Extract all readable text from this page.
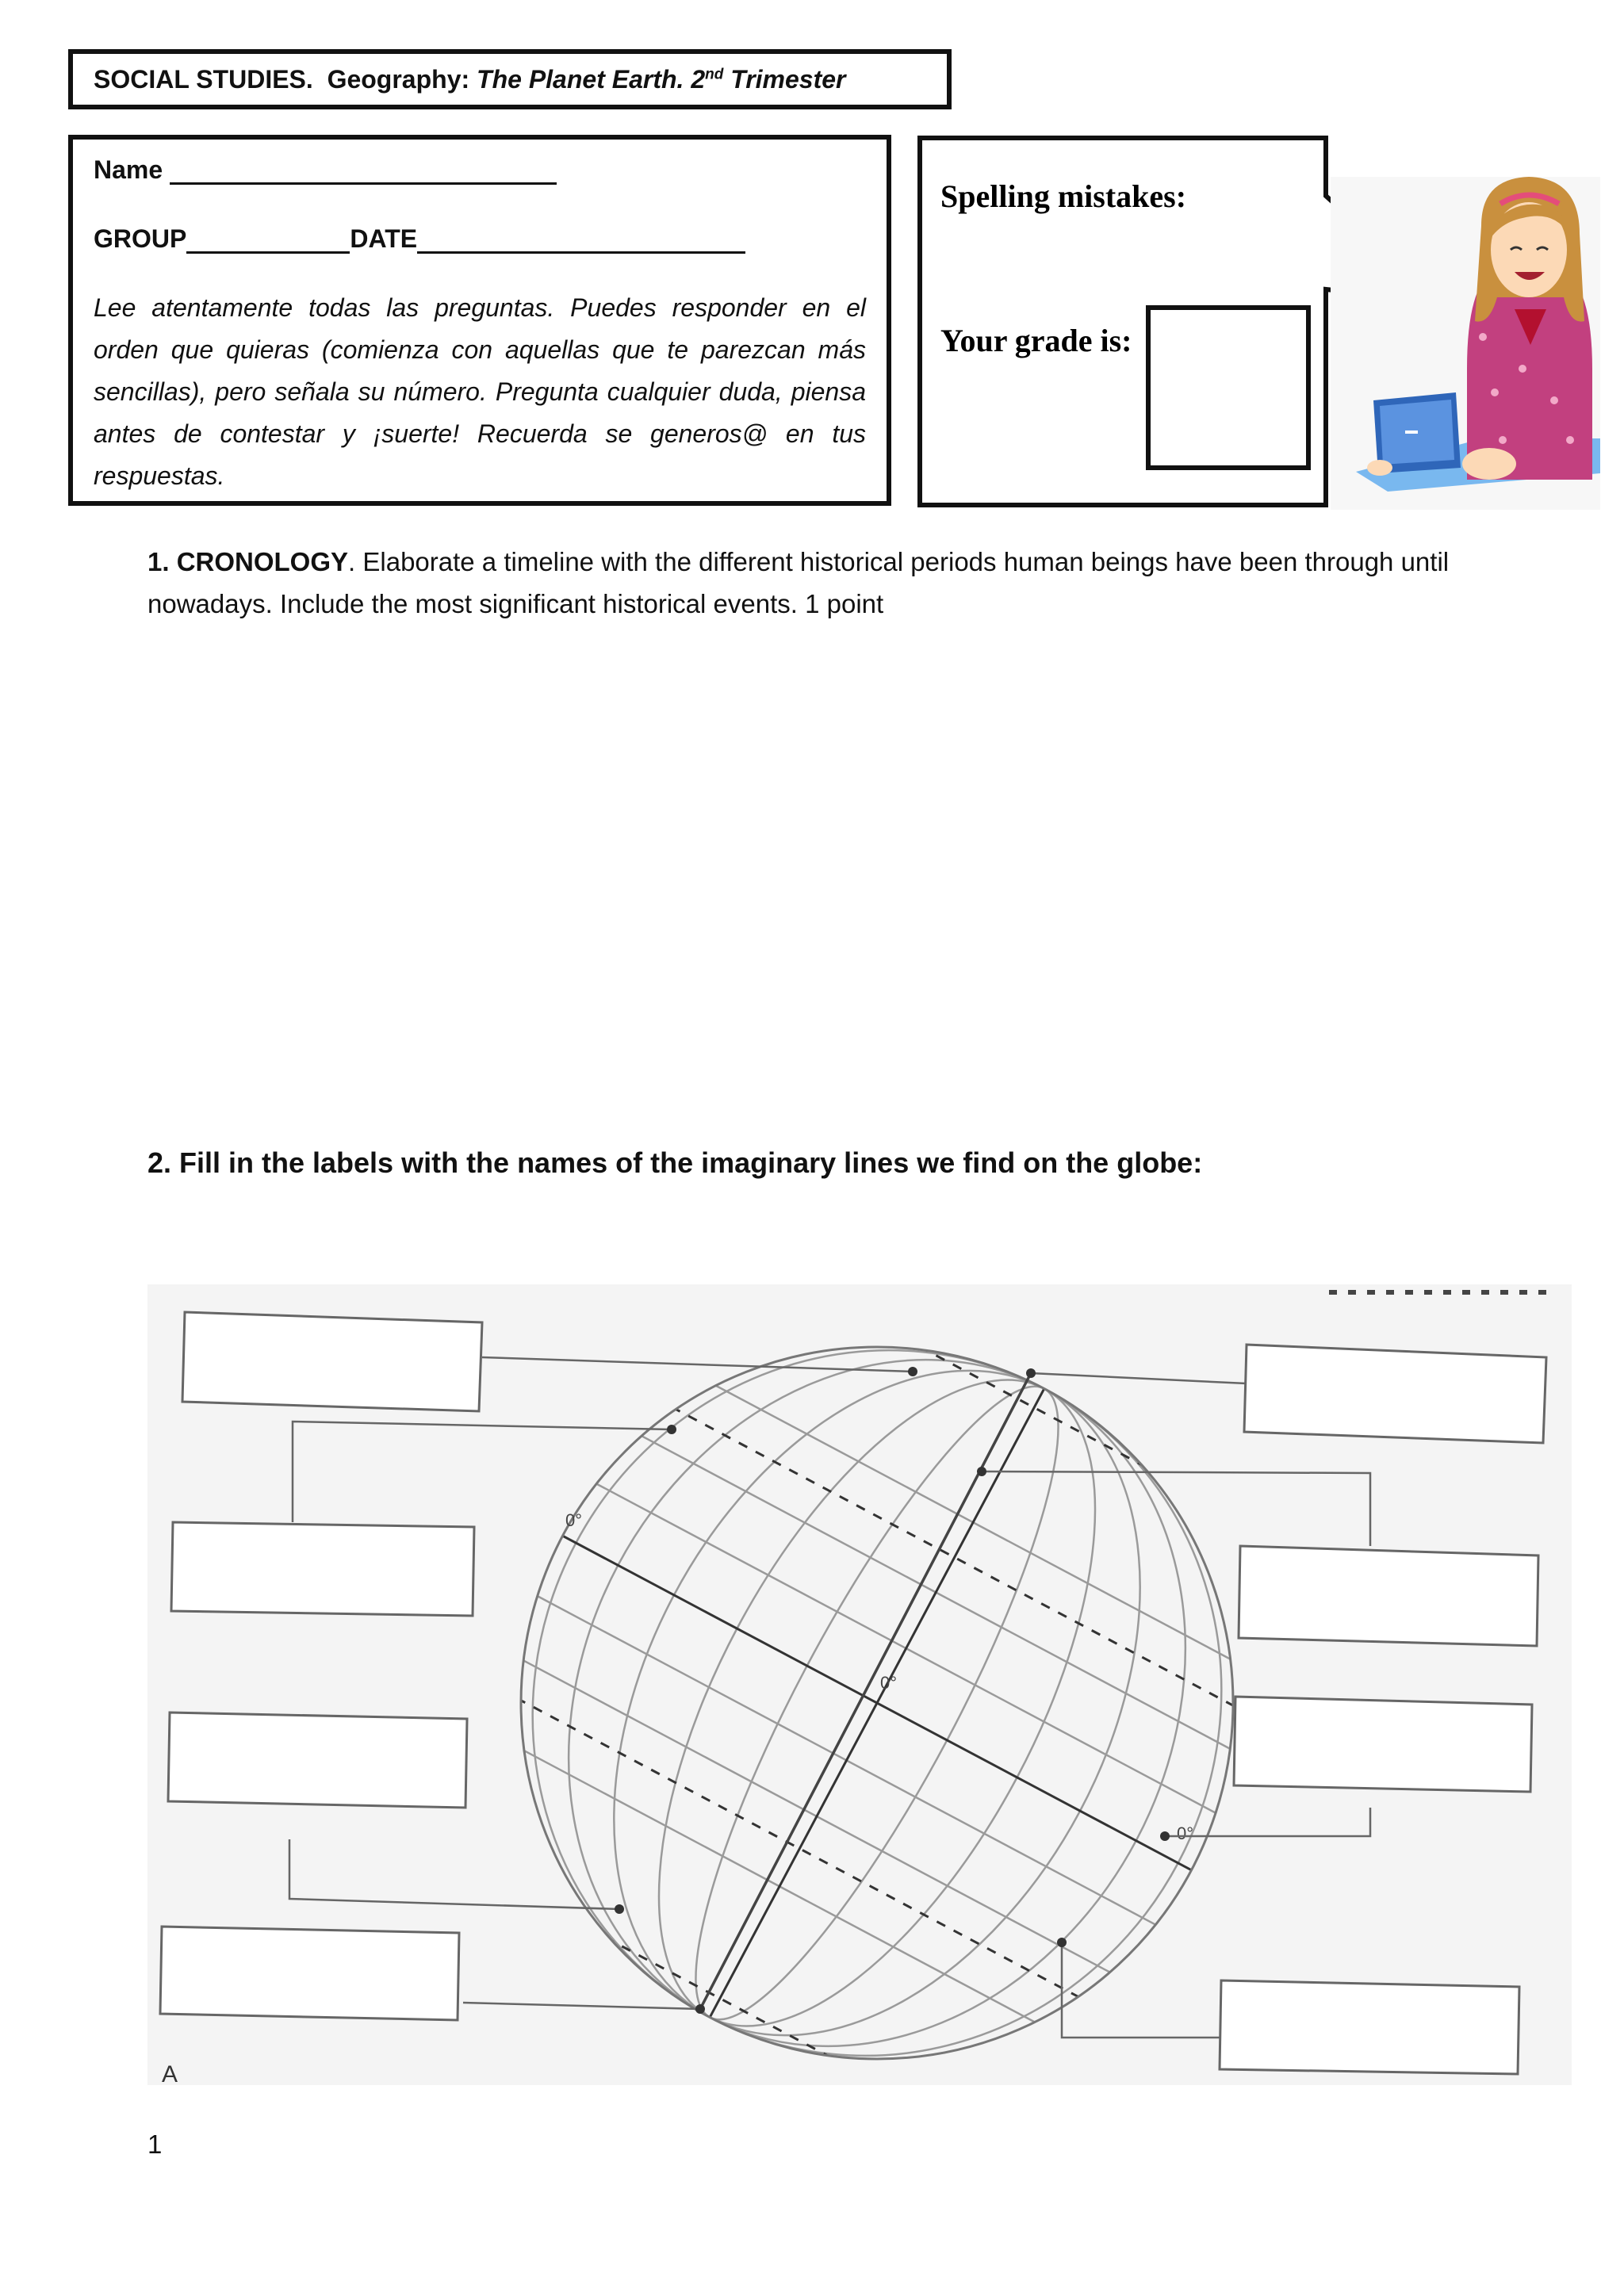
SOCIAL STUDIES.
Geography:
The Planet Earth. 2nd Trimester
Name

GROUP	DATE
Lee atentamente todas las preguntas. Puedes responder en el orden que quieras (comienza con aquellas que te parezcan más sencillas), pero señala su número. Pregunta cualquier duda, piensa antes de contestar y ¡suerte! Recuerda se generos@ en tus respuestas.
Spelling mistakes:
Your grade is:
1. CRONOLOGY. Elaborate a timeline with the different historical periods human beings have been through until nowadays. Include the most significant historical events. 1 point
2. Fill in the labels with the names of the imaginary lines we find on the globe:
0°
0°
0°
A
1
